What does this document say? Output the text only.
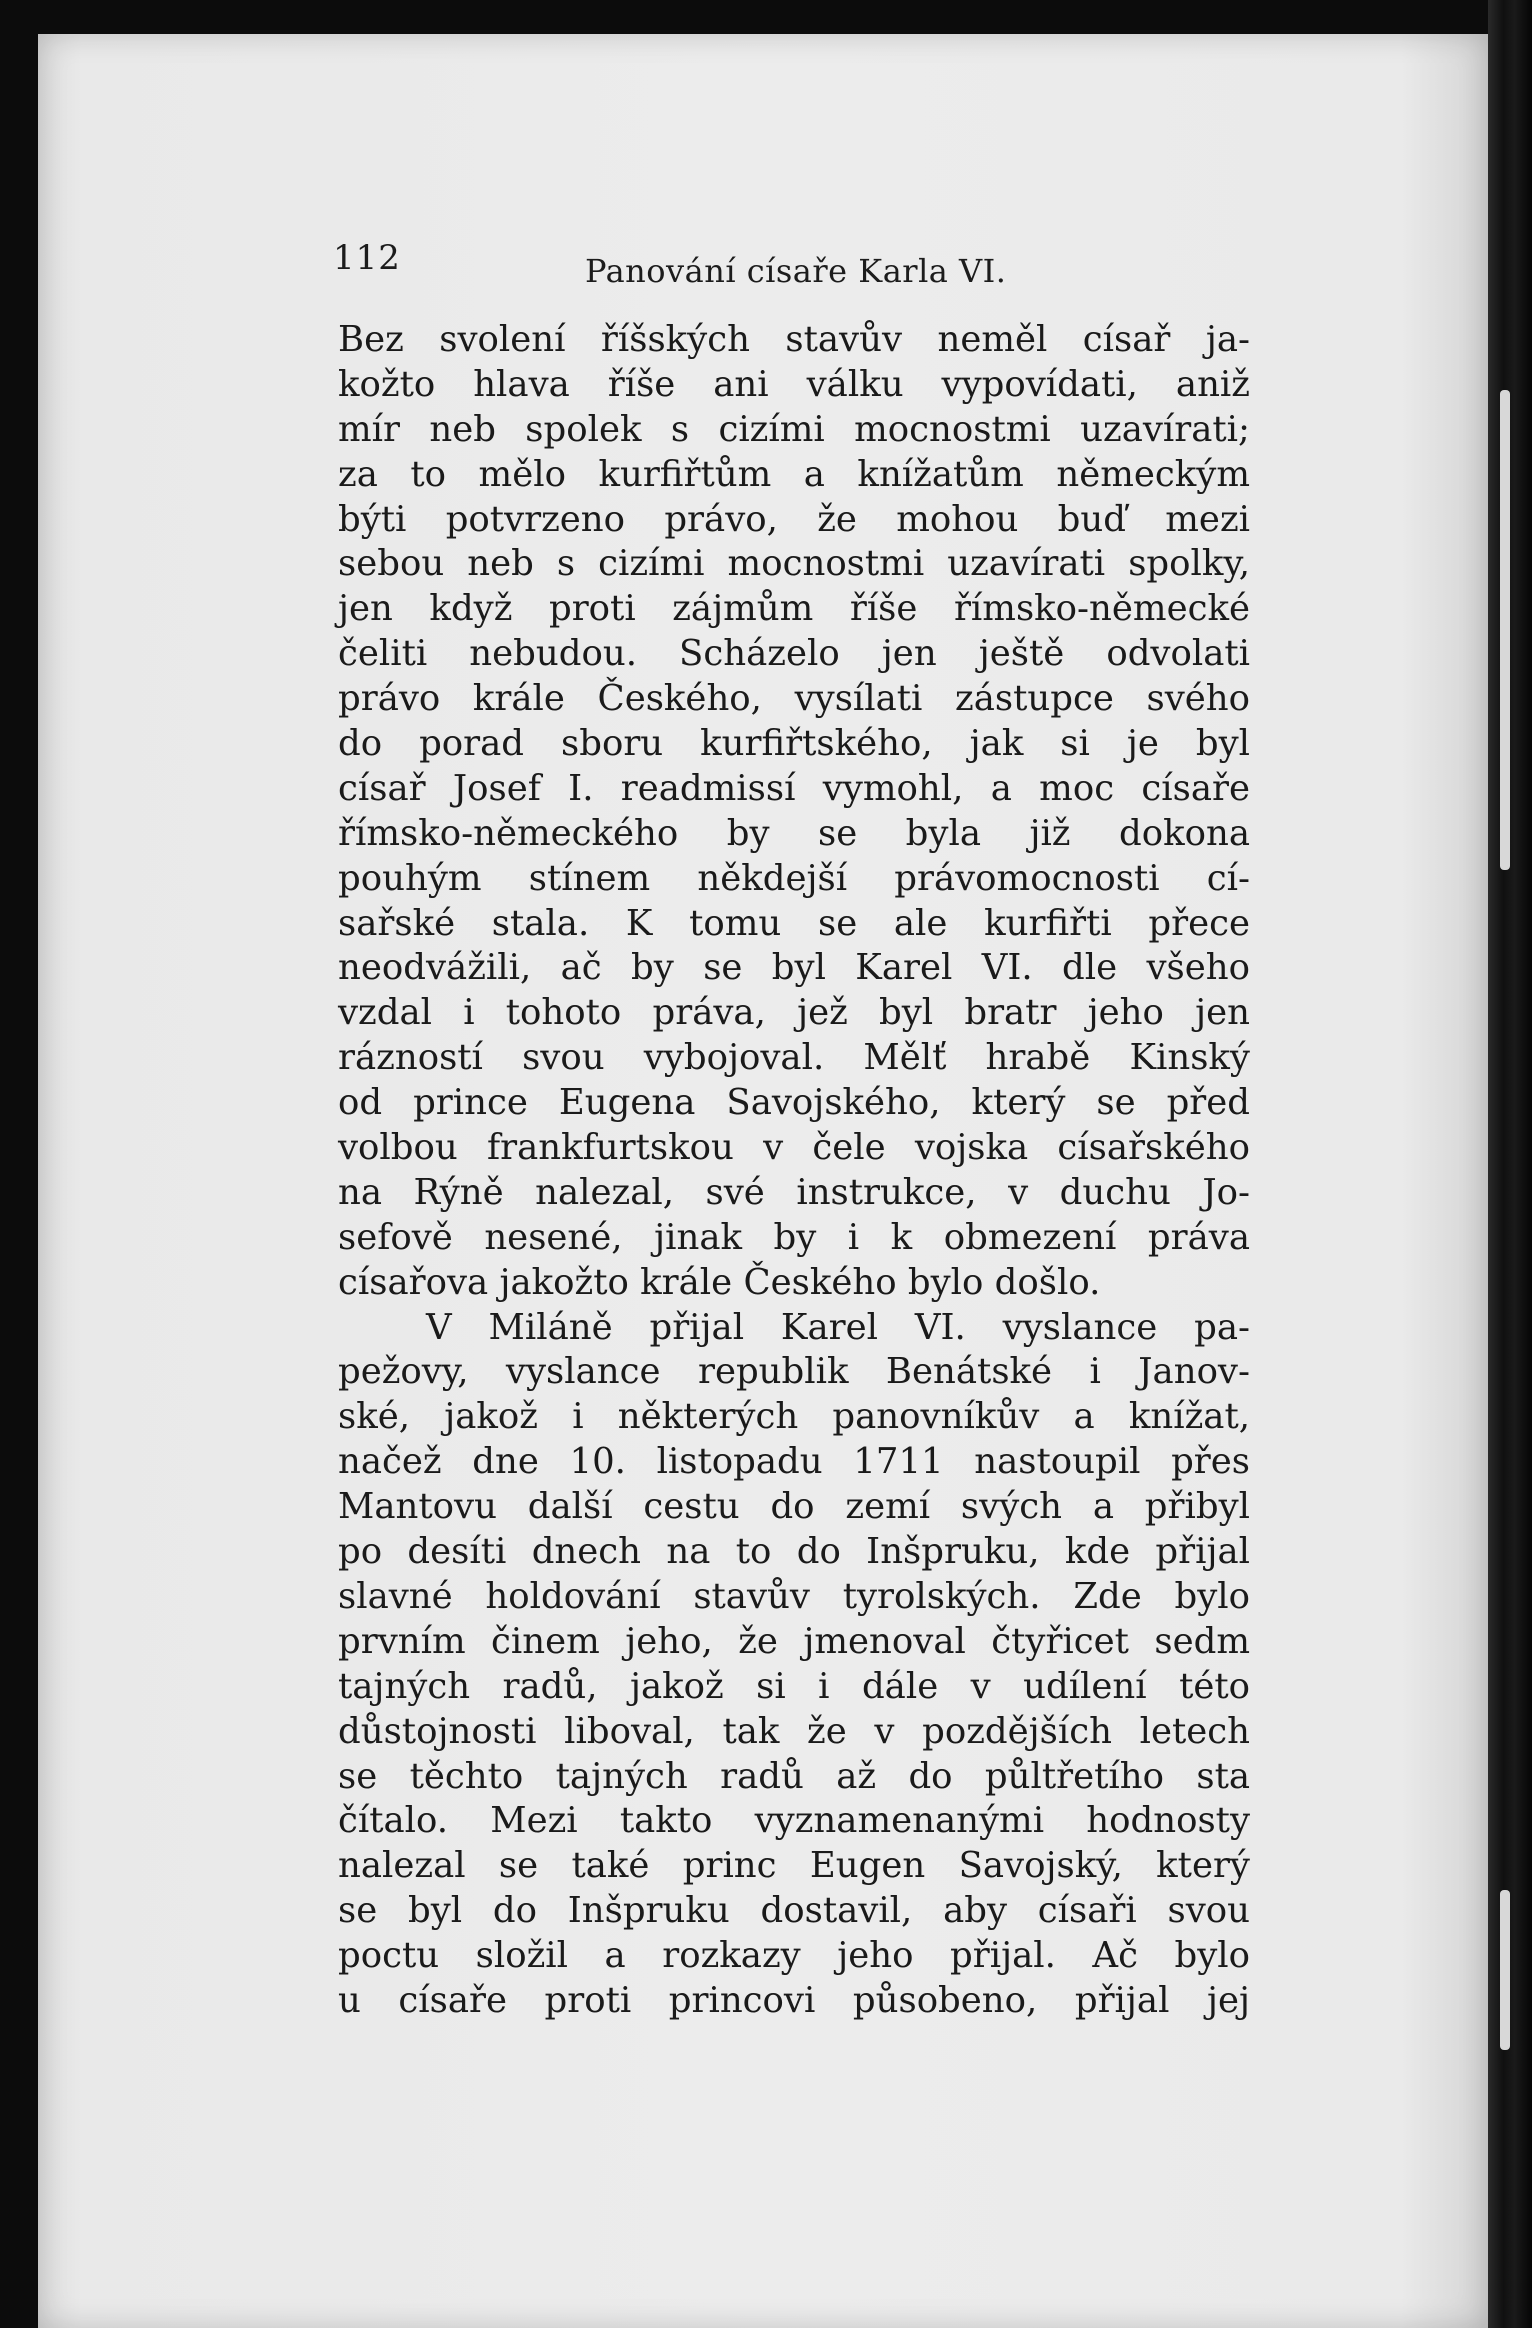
112	Panování císaře Karla VI.
Bez svolení říšských stavův neměl císař ja-
kožto hlava říše ani válku vypovídati, aniž
mír neb spolek s cizími mocnostmi uzavírati;
za to mělo kurfiřtům a knížatům německým
býti potvrzeno právo, že mohou buď mezi
sebou neb s cizími mocnostmi uzavírati spolky,
jen když proti zájmům říše římsko-německé
čeliti nebudou. Scházelo jen ještě odvolati
právo krále Českého, vysílati zástupce svého
do porad sboru kurfiřtského, jak si je byl
císař Josef I. readmissí vymohl, a moc císaře
římsko-německého by se byla již dokona
pouhým stínem někdejší právomocnosti cí-
sařské stala. K tomu se ale kurfiřti přece
neodvážili, ač by se byl Karel VI. dle všeho
vzdal i tohoto práva, jež byl bratr jeho jen
rázností svou vybojoval. Mělť hrabě Kinský
od prince Eugena Savojského, který se před
volbou frankfurtskou v čele vojska císařského
na Rýně nalezal, své instrukce, v duchu Jo-
sefově nesené, jinak by i k obmezení práva
císařova jakožto krále Českého bylo došlo.
V Miláně přijal Karel VI. vyslance pa-
pežovy, vyslance republik Benátské i Janov-
ské, jakož i některých panovníkův a knížat,
načež dne 10. listopadu 1711 nastoupil přes
Mantovu další cestu do zemí svých a přibyl
po desíti dnech na to do Inšpruku, kde přijal
slavné holdování stavův tyrolských. Zde bylo
prvním činem jeho, že jmenoval čtyřicet sedm
tajných radů, jakož si i dále v udílení této
důstojnosti liboval, tak že v pozdějších letech
se těchto tajných radů až do půltřetího sta
čítalo. Mezi takto vyznamenanými hodnosty
nalezal se také princ Eugen Savojský, který
se byl do Inšpruku dostavil, aby císaři svou
poctu složil a rozkazy jeho přijal. Ač bylo
u císaře proti princovi působeno, přijal jej
